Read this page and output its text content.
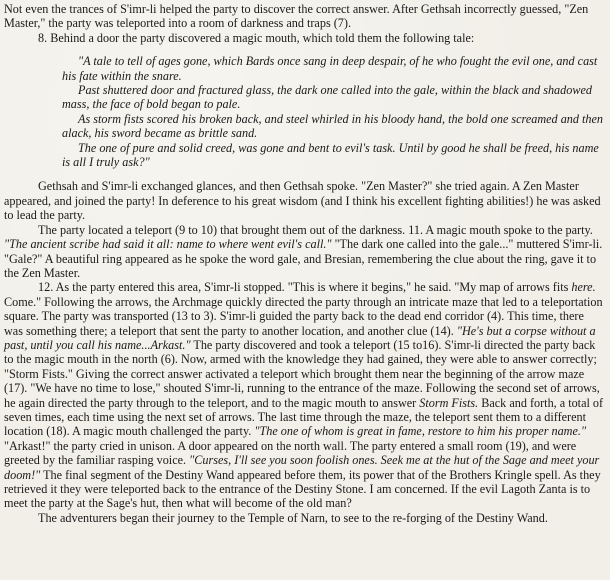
Not even the trances of S'imr-li helped the party to discover the correct answer. After Gethsah incorrectly guessed, "Zen Master," the party was teleported into a room of darkness and traps (7).

8. Behind a door the party discovered a magic mouth, which told them the following tale:

"A tale to tell of ages gone, which Bards once sang in deep despair, of he who fought the evil one, and cast his fate within the snare.
Past shuttered door and fractured glass, the dark one called into the gale, within the black and shadowed mass, the face of bold began to pale.
As storm fists scored his broken back, and steel whirled in his bloody hand, the bold one screamed and then alack, his sword became as brittle sand.
The one of pure and solid creed, was gone and bent to evil's task. Until by good he shall be freed, his name is all I truly ask?"

Gethsah and S'imr-li exchanged glances, and then Gethsah spoke. "Zen Master?" she tried again. A Zen Master appeared, and joined the party! In deference to his great wisdom (and I think his excellent fighting abilities!) he was asked to lead the party.

The party located a teleport (9 to 10) that brought them out of the darkness. 11. A magic mouth spoke to the party. "The ancient scribe had said it all: name to where went evil's call." "The dark one called into the gale..." muttered S'imr-li. "Gale?" A beautiful ring appeared as he spoke the word gale, and Bresian, remembering the clue about the ring, gave it to the Zen Master.

12. As the party entered this area, S'imr-li stopped. "This is where it begins," he said. "My map of arrows fits here. Come." Following the arrows, the Archmage quickly directed the party through an intricate maze that led to a teleportation square. The party was transported (13 to 3). S'imr-li guided the party back to the dead end corridor (4). This time, there was something there; a teleport that sent the party to another location, and another clue (14). "He's but a corpse without a past, until you call his name...Arkast." The party discovered and took a teleport (15 to16). S'imr-li directed the party back to the magic mouth in the north (6). Now, armed with the knowledge they had gained, they were able to answer correctly; "Storm Fists." Giving the correct answer activated a teleport which brought them near the beginning of the arrow maze (17). "We have no time to lose," shouted S'imr-li, running to the entrance of the maze. Following the second set of arrows, he again directed the party through to the teleport, and to the magic mouth to answer Storm Fists. Back and forth, a total of seven times, each time using the next set of arrows. The last time through the maze, the teleport sent them to a different location (18). A magic mouth challenged the party. "The one of whom is great in fame, restore to him his proper name." "Arkast!" the party cried in unison. A door appeared on the north wall. The party entered a small room (19), and were greeted by the familiar rasping voice. "Curses, I'll see you soon foolish ones. Seek me at the hut of the Sage and meet your doom!" The final segment of the Destiny Wand appeared before them, its power that of the Brothers Kringle spell. As they retrieved it they were teleported back to the entrance of the Destiny Stone. I am concerned. If the evil Lagoth Zanta is to meet the party at the Sage's hut, then what will become of the old man?

The adventurers began their journey to the Temple of Narn, to see to the re-forging of the Destiny Wand.
